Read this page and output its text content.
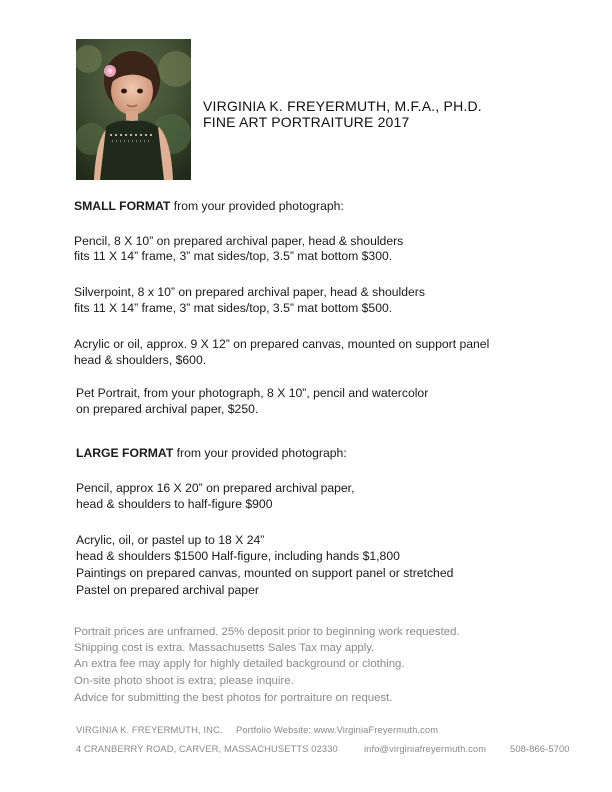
VIRGINIA K. FREYERMUTH, M.F.A., PH.D.
FINE ART PORTRAITURE 2017
SMALL FORMAT from your provided photograph:
Pencil, 8 X 10” on prepared archival paper, head & shoulders
fits 11 X 14” frame, 3” mat sides/top, 3.5” mat bottom $300.
Silverpoint, 8 x 10” on prepared archival paper, head & shoulders
fits 11 X 14” frame, 3” mat sides/top, 3.5” mat bottom $500.
Acrylic or oil, approx. 9 X 12” on prepared canvas, mounted on support panel
head & shoulders, $600.
Pet Portrait, from your photograph, 8 X 10”, pencil and watercolor
on prepared archival paper, $250.
LARGE FORMAT from your provided photograph:
Pencil, approx 16 X 20” on prepared archival paper,
head & shoulders to half-figure $900
Acrylic, oil, or pastel up to 18 X 24”
head & shoulders $1500 Half-figure, including hands $1,800
Paintings on prepared canvas, mounted on support panel or stretched
Pastel on prepared archival paper
Portrait prices are unframed. 25% deposit prior to beginning work requested.
Shipping cost is extra. Massachusetts Sales Tax may apply.
An extra fee may apply for highly detailed background or clothing.
On-site photo shoot is extra; please inquire.
Advice for submitting the best photos for portraiture on request.
VIRGINIA K. FREYERMUTH, INC. Portfolio Website: www.VirginiaFreyermuth.com
4 CRANBERRY ROAD, CARVER, MASSACHUSETTS 02330	info@virginiafreyermuth.com	508-866-5700
